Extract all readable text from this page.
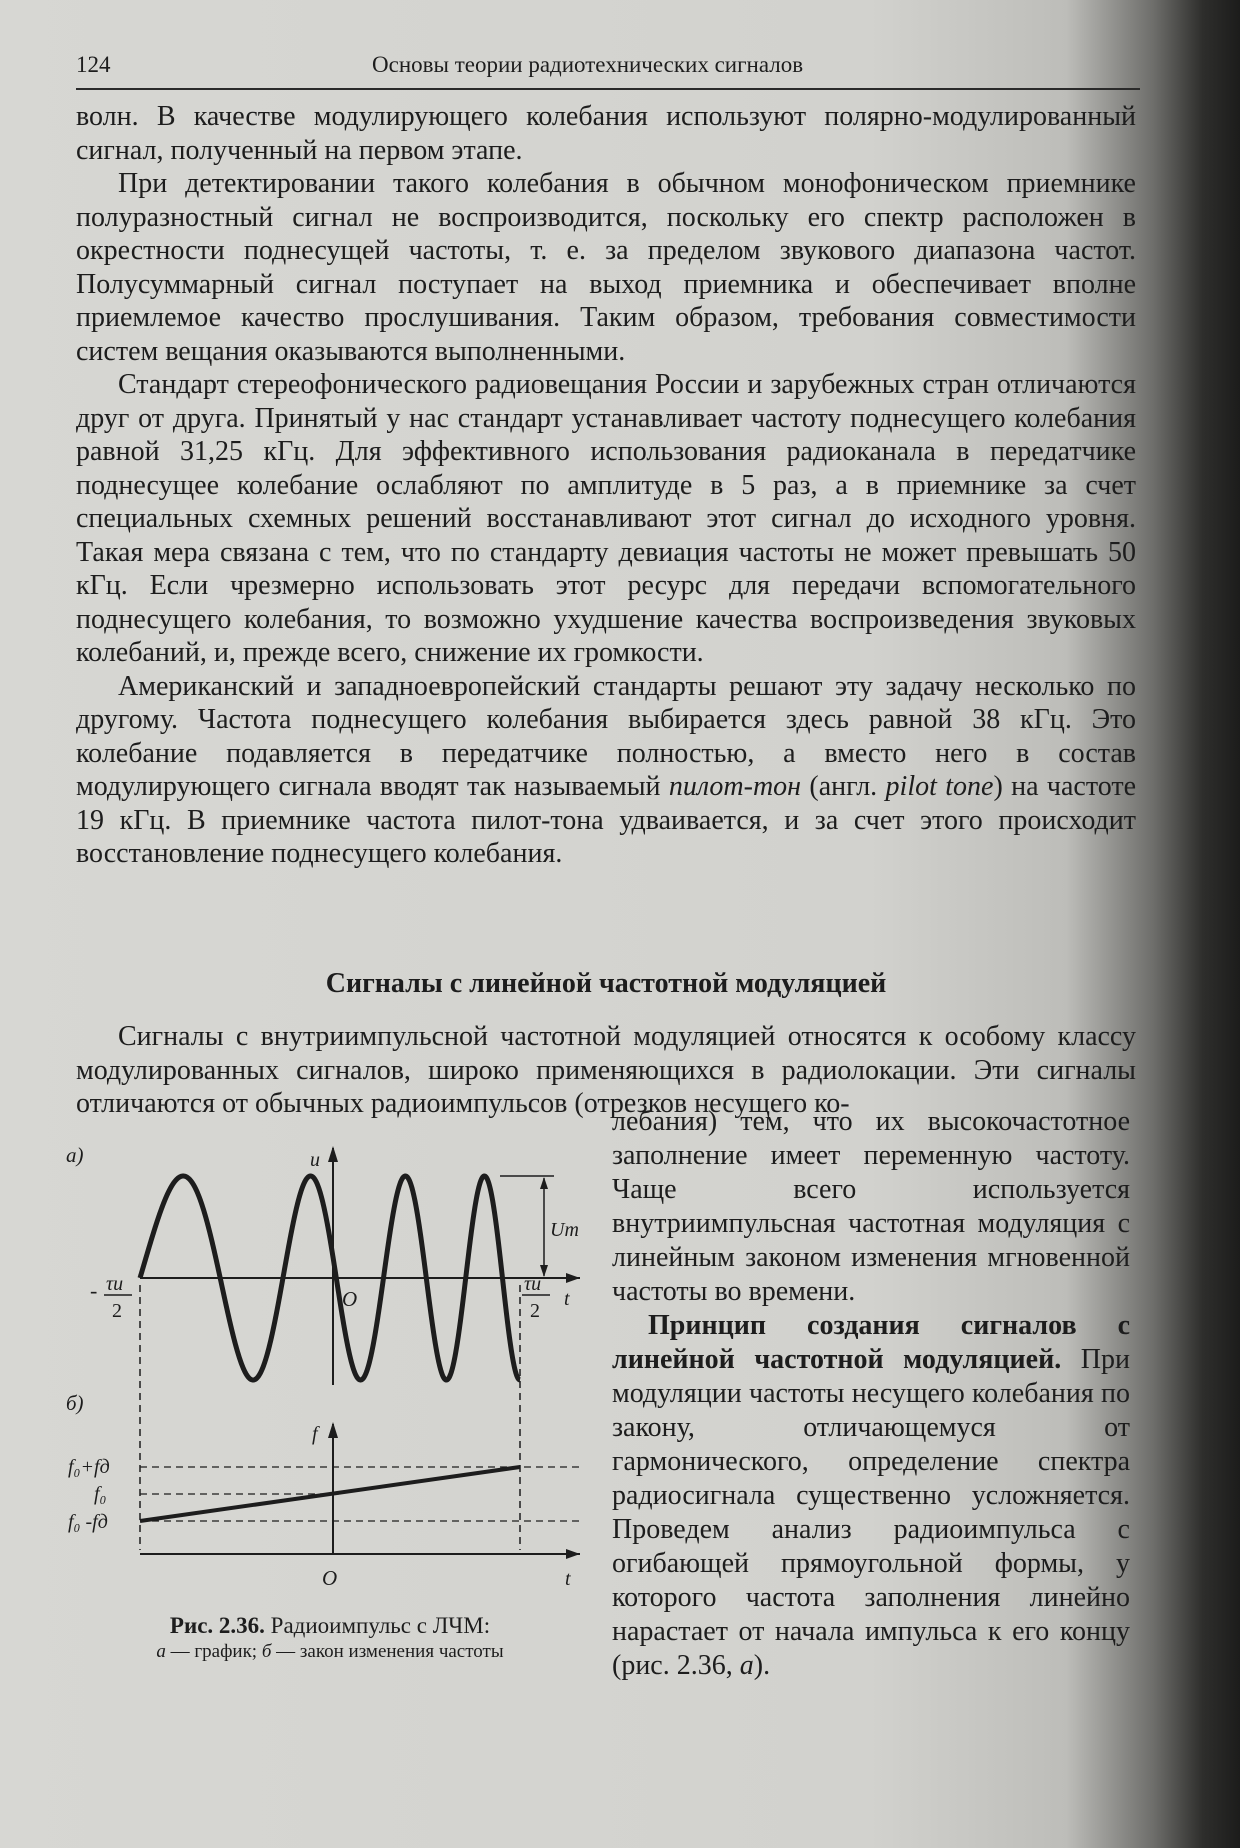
124	Основы теории радиотехнических сигналов

волн. В качестве модулирующего колебания используют полярно-модулированный сигнал, полученный на первом этапе.

При детектировании такого колебания в обычном монофоническом приемнике полуразностный сигнал не воспроизводится, поскольку его спектр расположен в окрестности поднесущей частоты, т. е. за пределом звукового диапазона частот. Полусуммарный сигнал поступает на выход приемника и обеспечивает вполне приемлемое качество прослушивания. Таким образом, требования совместимости систем вещания оказываются выполненными.

Стандарт стереофонического радиовещания России и зарубежных стран отличаются друг от друга. Принятый у нас стандарт устанавливает частоту поднесущего колебания равной 31,25 кГц. Для эффективного использования радиоканала в передатчике поднесущее колебание ослабляют по амплитуде в 5 раз, а в приемнике за счет специальных схемных решений восстанавливают этот сигнал до исходного уровня. Такая мера связана с тем, что по стандарту девиация частоты не может превышать 50 кГц. Если чрезмерно использовать этот ресурс для передачи вспомогательного поднесущего колебания, то возможно ухудшение качества воспроизведения звуковых колебаний, и, прежде всего, снижение их громкости.

Американский и западноевропейский стандарты решают эту задачу несколько по другому. Частота поднесущего колебания выбирается здесь равной 38 кГц. Это колебание подавляется в передатчике полностью, а вместо него в состав модулирующего сигнала вводят так называемый пилот-тон (англ. pilot tone) на частоте 19 кГц. В приемнике частота пилот-тона удваивается, и за счет этого происходит восстановление поднесущего колебания.

Сигналы с линейной частотной модуляцией

Сигналы с внутриимпульсной частотной модуляцией относятся к особому классу модулированных сигналов, широко применяющихся в радиолокации. Эти сигналы отличаются от обычных радиоимпульсов (отрезков несущего ко-

лебания) тем, что их высокочастотное заполнение имеет переменную частоту. Чаще всего используется внутриимпульсная частотная модуляция с линейным законом изменения мгновенной частоты во времени.

Принцип создания сигналов с линейной частотной модуляцией. При модуляции частоты несущего колебания по закону, отличающемуся от гармонического, определение спектра радиосигнала существенно усложняется. Проведем анализ радиоимпульса с огибающей прямоугольной формы, у которого частота заполнения линейно нарастает от начала импульса к его концу (рис. 2.36, а).

а)	u
t
O
Um
- τи
2
τи
2
б)
f
t
O
f₀+fд
f₀
f₀ -fд
Рис. 2.36. Радиоимпульс с ЛЧМ:
а — график; б — закон изменения частоты
